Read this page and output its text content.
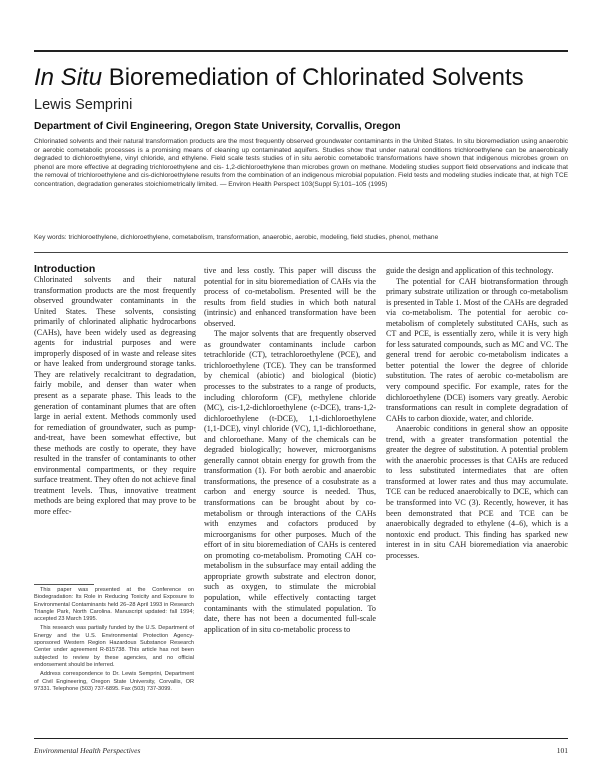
In Situ Bioremediation of Chlorinated Solvents
Lewis Semprini
Department of Civil Engineering, Oregon State University, Corvallis, Oregon

Chlorinated solvents and their natural transformation products are the most frequently observed groundwater contaminants in the United States. In situ bioremediation using anaerobic or aerobic cometabolic processes is a promising means of cleaning up contaminated aquifers. Studies show that under natural conditions trichloroethylene can be anaerobically degraded to dichloroethylene, vinyl chloride, and ethylene. Field scale tests studies of in situ aerobic cometabolic transformations have shown that indigenous microbes grown on phenol are more effective at degrading trichloroethylene and cis- 1,2-dichloroethylene than microbes grown on methane. Modeling studies support field observations and indicate that the removal of trichloroethylene and cis-dichloroethylene results from the combination of an indigenous microbial population. Field tests and modeling studies indicate that, at high TCE concentration, degradation generates stoichiometrically limited. — Environ Health Perspect 103(Suppl 5):101–105 (1995)

Key words: trichloroethylene, dichloroethylene, cometabolism, transformation, anaerobic, aerobic, modeling, field studies, phenol, methane

Introduction

Chlorinated solvents and their natural transformation products are the most frequently observed groundwater contaminants in the United States. These solvents, consisting primarily of chlorinated aliphatic hydrocarbons (CAHs), have been widely used as degreasing agents for industrial purposes and were improperly disposed of in waste and release sites or have leaked from underground storage tanks. They are relatively recalcitrant to degradation, fairly mobile, and denser than water when present as a separate phase. This leads to the generation of contaminant plumes that are often large in aerial extent. Methods commonly used for remediation of groundwater, such as pump-and-treat, have been somewhat effective, but these methods are costly to operate, they have resulted in the transfer of contaminants to other environmental compartments, or they require surface treatment. They often do not achieve final treatment levels. Thus, innovative treatment methods are being explored that may prove to be more effec-

This paper was presented at the Conference on Biodegradation: Its Role in Reducing Toxicity and Exposure to Environmental Contaminants held 26–28 April 1993 in Research Triangle Park, North Carolina. Manuscript updated: fall 1994; accepted 23 March 1995.

This research was partially funded by the U.S. Department of Energy and the U.S. Environmental Protection Agency-sponsored Western Region Hazardous Substance Research Center under agreement R-815738. This article has not been subjected to review by these agencies, and no official endorsement should be inferred.

Address correspondence to Dr. Lewis Semprini, Department of Civil Engineering, Oregon State University, Corvallis, OR 97331. Telephone (503) 737-6895. Fax (503) 737-3099.

tive and less costly. This paper will discuss the potential for in situ bioremediation of CAHs via the process of co-metabolism. Presented will be the results from field studies in which both natural (intrinsic) and enhanced transformation have been observed.

The major solvents that are frequently observed as groundwater contaminants include carbon tetrachloride (CT), tetrachloroethylene (PCE), and trichloroethylene (TCE). They can be transformed by chemical (abiotic) and biological (biotic) processes to the substrates to a range of products, including chloroform (CF), methylene chloride (MC), cis-1,2-dichloroethylene (c-DCE), trans-1,2-dichloroethylene (t-DCE), 1,1-dichloroethylene (1,1-DCE), vinyl chloride (VC), 1,1-dichloroethane, and chloroethane. Many of the chemicals can be degraded biologically; however, microorganisms generally cannot obtain energy for growth from the transformation (1). For both aerobic and anaerobic transformations, the presence of a cosubstrate as a carbon and energy source is needed. Thus, transformations can be brought about by co-metabolism or through interactions of the CAHs with enzymes and cofactors produced by microorganisms for other purposes. Much of the effort of in situ bioremediation of CAHs is centered on promoting co-metabolism. Promoting CAH co-metabolism in the subsurface may entail adding the appropriate growth substrate and electron donor, such as oxygen, to stimulate the microbial population, while effectively contacting target contaminants with the stimulated population. To date, there has not been a documented full-scale application of in situ co-metabolic process to

guide the design and application of this technology.

The potential for CAH biotransformation through primary substrate utilization or through co-metabolism is presented in Table 1. Most of the CAHs are degraded via co-metabolism. The potential for aerobic co-metabolism of completely substituted CAHs, such as CT and PCE, is essentially zero, while it is very high for less saturated compounds, such as MC and VC. The general trend for aerobic co-metabolism indicates a better potential the lower the degree of chloride substitution. The rates of aerobic co-metabolism are very compound specific. For example, rates for the dichloroethylene (DCE) isomers vary greatly. Aerobic transformations can result in complete degradation of CAHs to carbon dioxide, water, and chloride.

Anaerobic conditions in general show an opposite trend, with a greater transformation potential the greater the degree of substitution. A potential problem with the anaerobic processes is that CAHs are reduced to less substituted intermediates that are often transformed at lower rates and thus may accumulate. TCE can be reduced anaerobically to DCE, which can be transformed into VC (3). Recently, however, it has been demonstrated that PCE and TCE can be anaerobically degraded to ethylene (4–6), which is a nontoxic end product. This finding has sparked new interest in in situ CAH bioremediation via anaerobic processes.

Environmental Health Perspectives	101
